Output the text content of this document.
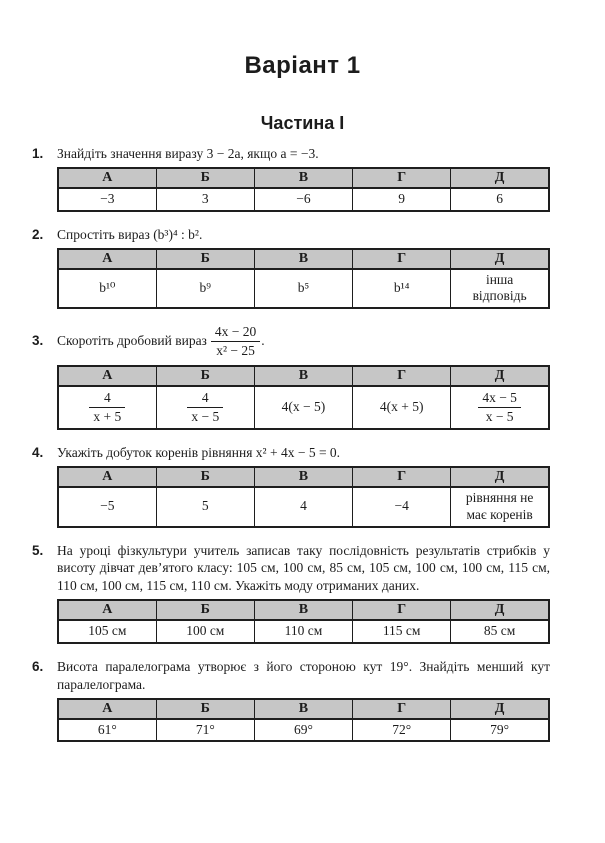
Варіант 1
Частина I
1.	Знайдіть значення виразу 3 − 2a, якщо a = −3.
А	Б	В	Г	Д
−3	3	−6	9	6
2.	Спростіть вираз (b³)⁴ : b².
А	Б	В	Г	Д
b¹⁰	b⁹	b⁵	b¹⁴	інша відповідь
3.	Скоротіть дробовий вираз $\frac{4x - 20}{\text{x² − 25}}$ .
А	Б	В	Г	Д

$\frac{4}{x + 5}$	$\frac{4}{x - 5}$	4(x − 5)	4(x + 5)	$\frac{4x - 5}{x - 5}$
4.	Укажіть добуток коренів рівняння x² + 4x − 5 = 0.
А	Б	В	Г	Д
−5	5	4	−4	рівняння не має коренів
5.	На уроці фізкультури учитель записав таку послідовність результатів стрибків у висоту дівчат дев’ятого класу: 105 см, 100 см, 85 см, 105 см, 100 см, 100 см, 115 см, 110 см, 100 см, 115 см, 110 см. Укажіть моду отриманих даних.
А	Б	В	Г	Д
105 см	100 см	110 см	115 см	85 см
6.	Висота паралелограма утворює з його стороною кут 19°. Знайдіть менший кут паралелограма.
А	Б	В	Г	Д
61°	71°	69°	72°	79°
